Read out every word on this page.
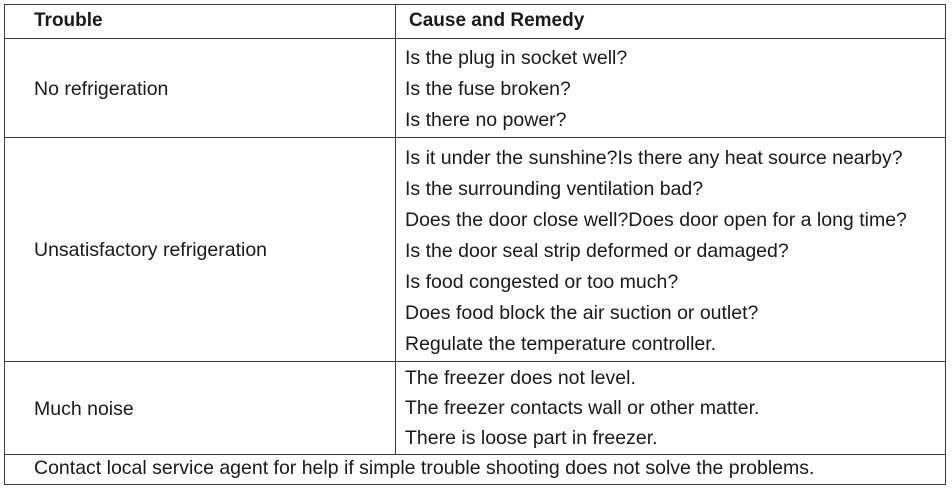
Trouble	Cause and Remedy
No refrigeration
Is the plug in socket well?
Is the fuse broken?
Is there no power?
Unsatisfactory refrigeration
Is it under the sunshine?Is there any heat source nearby?
Is the surrounding ventilation bad?
Does the door close well?Does door open for a long time?
Is the door seal strip deformed or damaged?
Is food congested or too much?
Does food block the air suction or outlet?
Regulate the temperature controller.
Much noise
The freezer does not level.
The freezer contacts wall or other matter.
There is loose part in freezer.
Contact local service agent for help if simple trouble shooting does not solve the problems.
